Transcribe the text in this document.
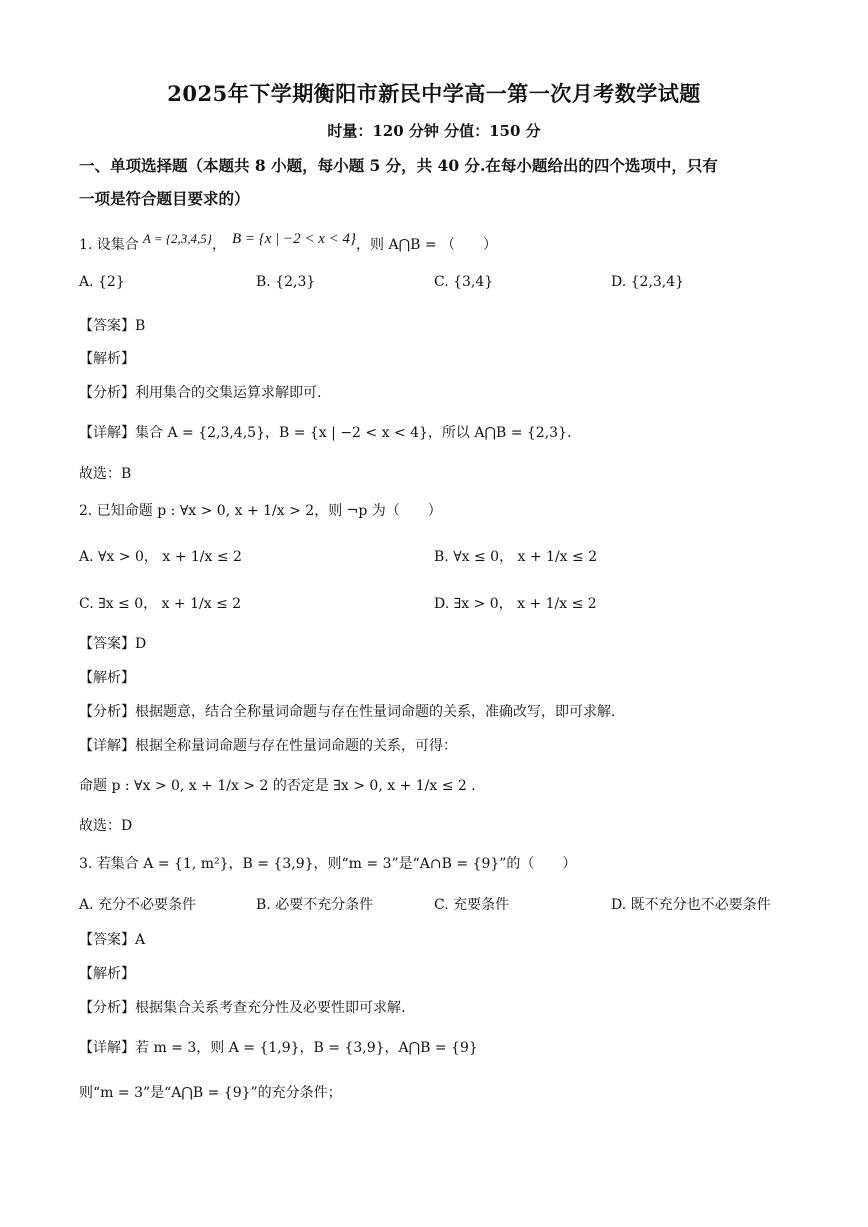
2025年下学期衡阳市新民中学高一第一次月考数学试题
时量：120 分钟 分值：150 分
一、单项选择题（本题共 8 小题，每小题 5 分，共 40 分.在每小题给出的四个选项中，只有
一项是符合题目要求的）
1. 设集合 A = {2,3,4,5}， B = {x | −2 < x < 4}，则 A⋂B = （　　）
A. {2}	B. {2,3}	C. {3,4}	D. {2,3,4}
【答案】B
【解析】
【分析】利用集合的交集运算求解即可.
【详解】集合 A = {2,3,4,5}，B = {x | −2 < x < 4}，所以 A⋂B = {2,3}.
故选：B
2. 已知命题 p : ∀x > 0, x + 1/x > 2，则 ¬p 为（　　）
A. ∀x > 0， x + 1/x ≤ 2	B. ∀x ≤ 0， x + 1/x ≤ 2
C. ∃x ≤ 0， x + 1/x ≤ 2	D. ∃x > 0， x + 1/x ≤ 2
【答案】D
【解析】
【分析】根据题意，结合全称量词命题与存在性量词命题的关系，准确改写，即可求解.
【详解】根据全称量词命题与存在性量词命题的关系，可得：
命题 p : ∀x > 0, x + 1/x > 2 的否定是 ∃x > 0, x + 1/x ≤ 2 .
故选：D
3. 若集合 A = {1, m²}，B = {3,9}，则“m = 3”是“A∩B = {9}”的（　　）
A. 充分不必要条件	B. 必要不充分条件	C. 充要条件	D. 既不充分也不必要条件
【答案】A
【解析】
【分析】根据集合关系考查充分性及必要性即可求解.
【详解】若 m = 3，则 A = {1,9}，B = {3,9}，A⋂B = {9}
则“m = 3”是“A⋂B = {9}”的充分条件；
